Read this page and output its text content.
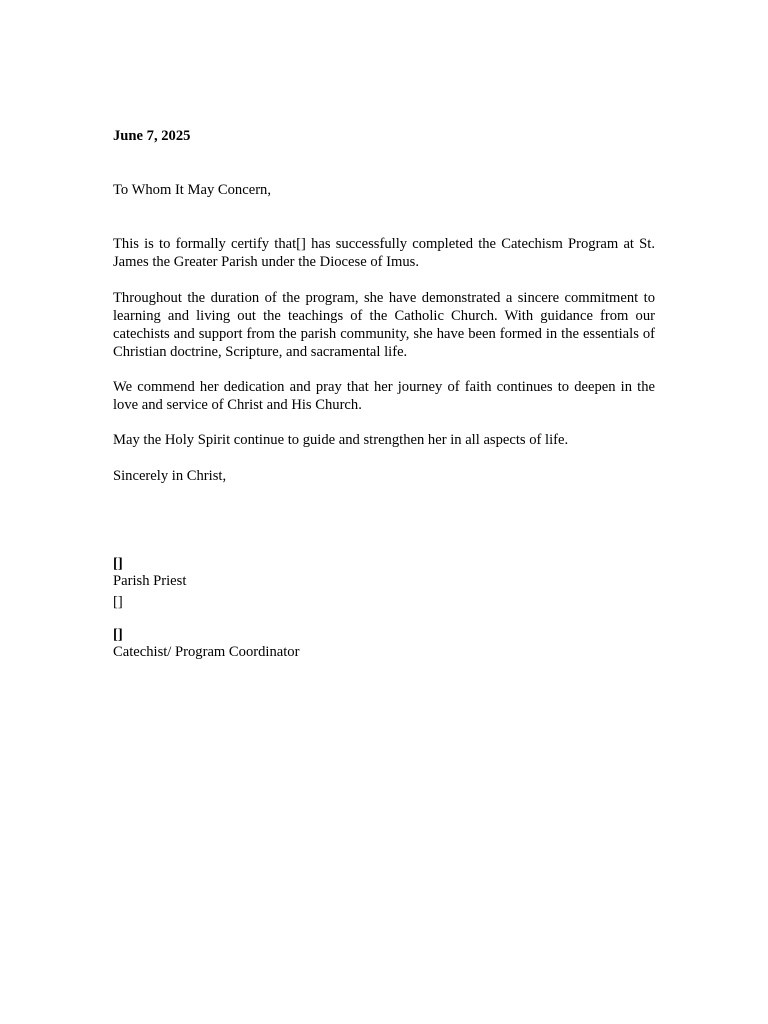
June 7, 2025
To Whom It May Concern,

This is to formally certify that[] has successfully completed the Catechism Program at St. James the Greater Parish under the Diocese of Imus.

Throughout the duration of the program, she have demonstrated a sincere commitment to learning and living out the teachings of the Catholic Church. With guidance from our catechists and support from the parish community, she have been formed in the essentials of Christian doctrine, Scripture, and sacramental life.

We commend her dedication and pray that her journey of faith continues to deepen in the love and service of Christ and His Church.

May the Holy Spirit continue to guide and strengthen her in all aspects of life.

Sincerely in Christ,
[]
Parish Priest
[]
[]
Catechist/ Program Coordinator
